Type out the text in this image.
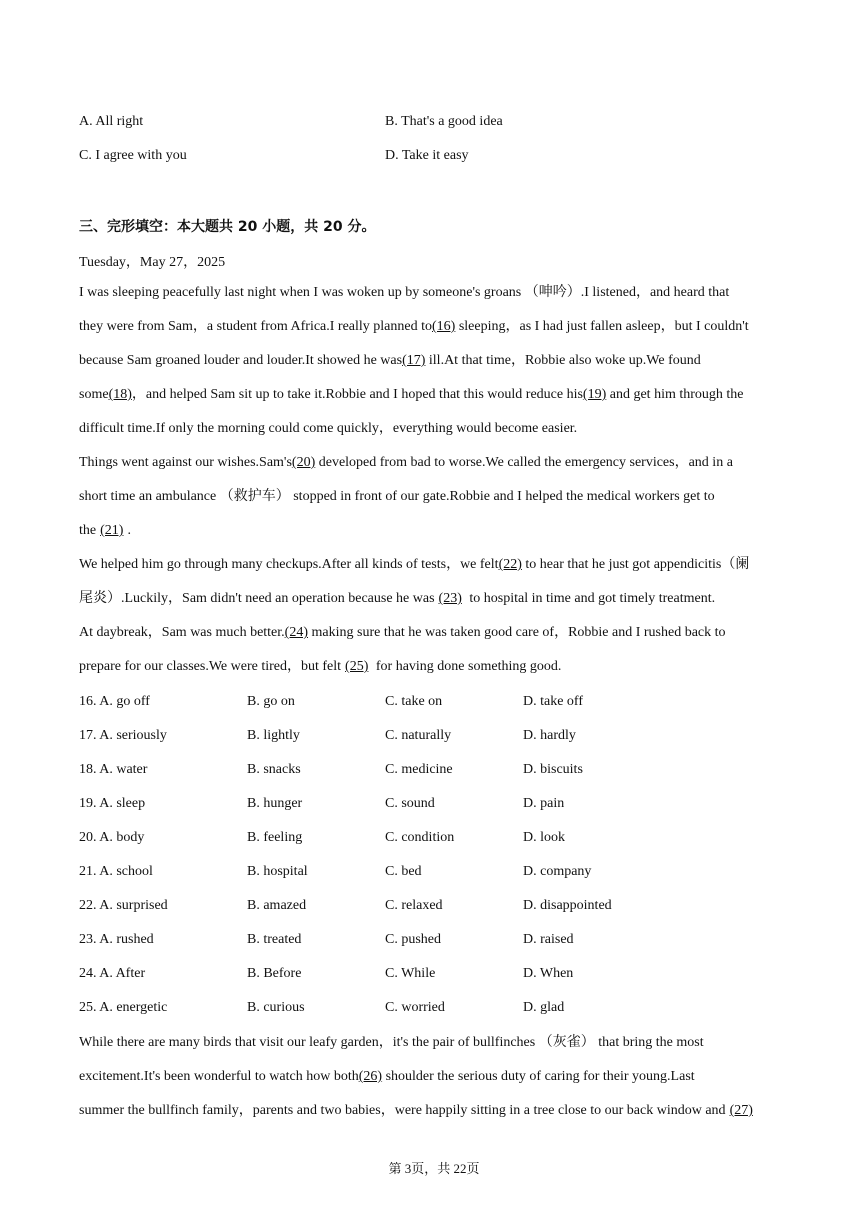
A. All right	B. That's a good idea
C. I agree with you	D. Take it easy
三、完形填空：本大题共 20 小题，共 20 分。
Tuesday，May 27，2025
I was sleeping peacefully last night when I was woken up by someone's groans （呻吟）.I listened，and heard that
they were from Sam，a student from Africa.I really planned to (16) sleeping，as I had just fallen asleep，but I couldn't
because Sam groaned louder and louder.It showed he was (17) ill.At that time，Robbie also woke up.We found
some (18) ，and helped Sam sit up to take it.Robbie and I hoped that this would reduce his (19) and get him through the
difficult time.If only the morning could come quickly，everything would become easier.
Things went against our wishes.Sam's (20) developed from bad to worse.We called the emergency services，and in a
short time an ambulance （救护车） stopped in front of our gate.Robbie and I helped the medical workers get to
the (21) .
We helped him go through many checkups.After all kinds of tests，we felt (22) to hear that he just got appendicitis（阑
尾炎）.Luckily，Sam didn't need an operation because he was (23) to hospital in time and got timely treatment.
At daybreak，Sam was much better. (24) making sure that he was taken good care of，Robbie and I rushed back to
prepare for our classes.We were tired，but felt (25) for having done something good.
16. A. go off	B. go on	C. take on	D. take off
17. A. seriously	B. lightly	C. naturally	D. hardly
18. A. water	B. snacks	C. medicine	D. biscuits
19. A. sleep	B. hunger	C. sound	D. pain
20. A. body	B. feeling	C. condition	D. look
21. A. school	B. hospital	C. bed	D. company
22. A. surprised	B. amazed	C. relaxed	D. disappointed
23. A. rushed	B. treated	C. pushed	D. raised
24. A. After	B. Before	C. While	D. When
25. A. energetic	B. curious	C. worried	D. glad
While there are many birds that visit our leafy garden，it's the pair of bullfinches （灰雀） that bring the most
excitement.It's been wonderful to watch how both (26) shoulder the serious duty of caring for their young.Last
summer the bullfinch family，parents and two babies，were happily sitting in a tree close to our back window and (27)
第 3页，共 22页
